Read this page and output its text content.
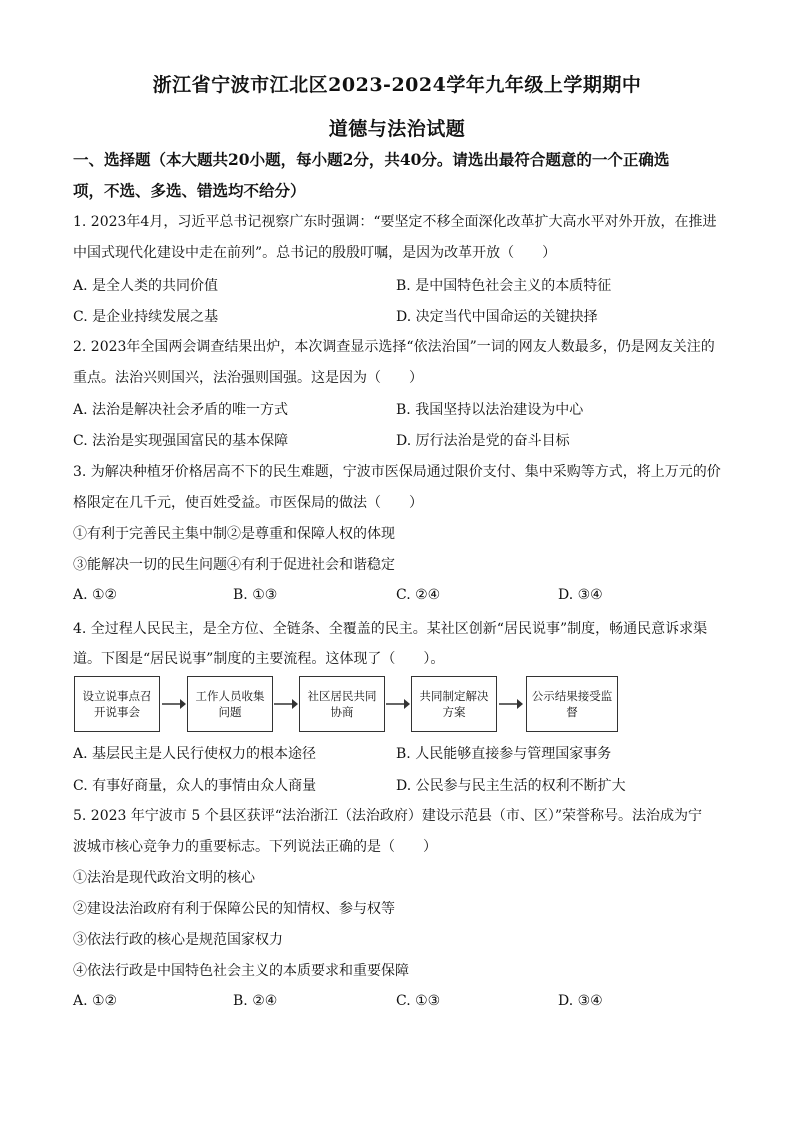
浙江省宁波市江北区2023-2024学年九年级上学期期中
道德与法治试题
一、选择题（本大题共20小题，每小题2分，共40分。请选出最符合题意的一个正确选
项，不选、多选、错选均不给分）
1. 2023年4月，习近平总书记视察广东时强调：“要坚定不移全面深化改革扩大高水平对外开放，在推进
中国式现代化建设中走在前列”。总书记的殷殷叮嘱，是因为改革开放（　　）
A. 是全人类的共同价值	B. 是中国特色社会主义的本质特征
C. 是企业持续发展之基	D. 决定当代中国命运的关键抉择
2. 2023年全国两会调查结果出炉，本次调查显示选择“依法治国”一词的网友人数最多，仍是网友关注的
重点。法治兴则国兴，法治强则国强。这是因为（　　）
A. 法治是解决社会矛盾的唯一方式	B. 我国坚持以法治建设为中心
C. 法治是实现强国富民的基本保障	D. 厉行法治是党的奋斗目标
3. 为解决种植牙价格居高不下的民生难题，宁波市医保局通过限价支付、集中采购等方式，将上万元的价
格限定在几千元，使百姓受益。市医保局的做法（　　）
①有利于完善民主集中制②是尊重和保障人权的体现
③能解决一切的民生问题④有利于促进社会和谐稳定
A. ①②	B. ①③	C. ②④	D. ③④
4. 全过程人民民主，是全方位、全链条、全覆盖的民主。某社区创新“居民说事”制度，畅通民意诉求渠
道。下图是“居民说事”制度的主要流程。这体现了（　　）。
设立说事点召开说事会
工作人员收集问题
社区居民共同协商
共同制定解决方案
公示结果接受监督
A. 基层民主是人民行使权力的根本途径	B. 人民能够直接参与管理国家事务
C. 有事好商量，众人的事情由众人商量	D. 公民参与民主生活的权利不断扩大
5. 2023 年宁波市 5 个县区获评“法治浙江（法治政府）建设示范县（市、区）”荣誉称号。法治成为宁
波城市核心竞争力的重要标志。下列说法正确的是（　　）
①法治是现代政治文明的核心
②建设法治政府有利于保障公民的知情权、参与权等
③依法行政的核心是规范国家权力
④依法行政是中国特色社会主义的本质要求和重要保障
A. ①②	B. ②④	C. ①③	D. ③④
